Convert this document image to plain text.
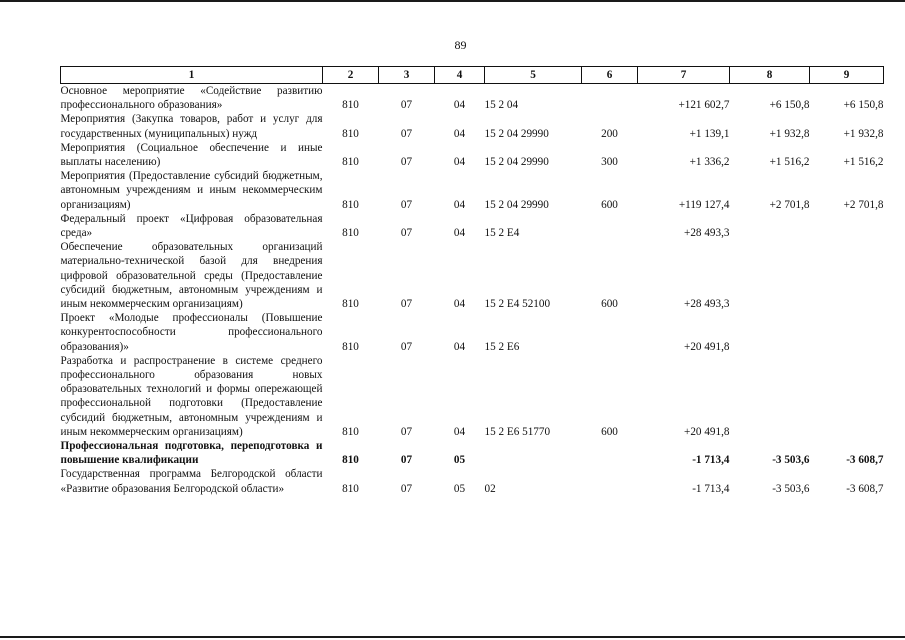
89
1	2	3	4	5	6	7	8	9
Основное мероприятие «Содействие развитию профессионального образования»	810	07	04	15 2 04		+121 602,7	+6 150,8	+6 150,8
Мероприятия (Закупка товаров, работ и услуг для государственных (муниципальных) нужд	810	07	04	15 2 04 29990	200	+1 139,1	+1 932,8	+1 932,8
Мероприятия (Социальное обеспечение и иные выплаты населению)	810	07	04	15 2 04 29990	300	+1 336,2	+1 516,2	+1 516,2
Мероприятия (Предоставление субсидий бюджетным, автономным учреждениям и иным некоммерческим организациям)	810	07	04	15 2 04 29990	600	+119 127,4	+2 701,8	+2 701,8
Федеральный проект «Цифровая образовательная среда»	810	07	04	15 2 E4		+28 493,3		
Обеспечение образовательных организаций материально-технической базой для внедрения цифровой образовательной среды (Предоставление субсидий бюджетным, автономным учреждениям и иным некоммерческим организациям)	810	07	04	15 2 E4 52100	600	+28 493,3		
Проект «Молодые профессионалы (Повышение конкурентоспособности профессионального образования)»	810	07	04	15 2 E6		+20 491,8		
Разработка и распространение в системе среднего профессионального образования новых образовательных технологий и формы опережающей профессиональной подготовки (Предоставление субсидий бюджетным, автономным учреждениям и иным некоммерческим организациям)	810	07	04	15 2 E6 51770	600	+20 491,8		
Профессиональная подготовка, переподготовка и повышение квалификации	810	07	05			-1 713,4	-3 503,6	-3 608,7
Государственная программа Белгородской области «Развитие образования Белгородской области»	810	07	05	02		-1 713,4	-3 503,6	-3 608,7
